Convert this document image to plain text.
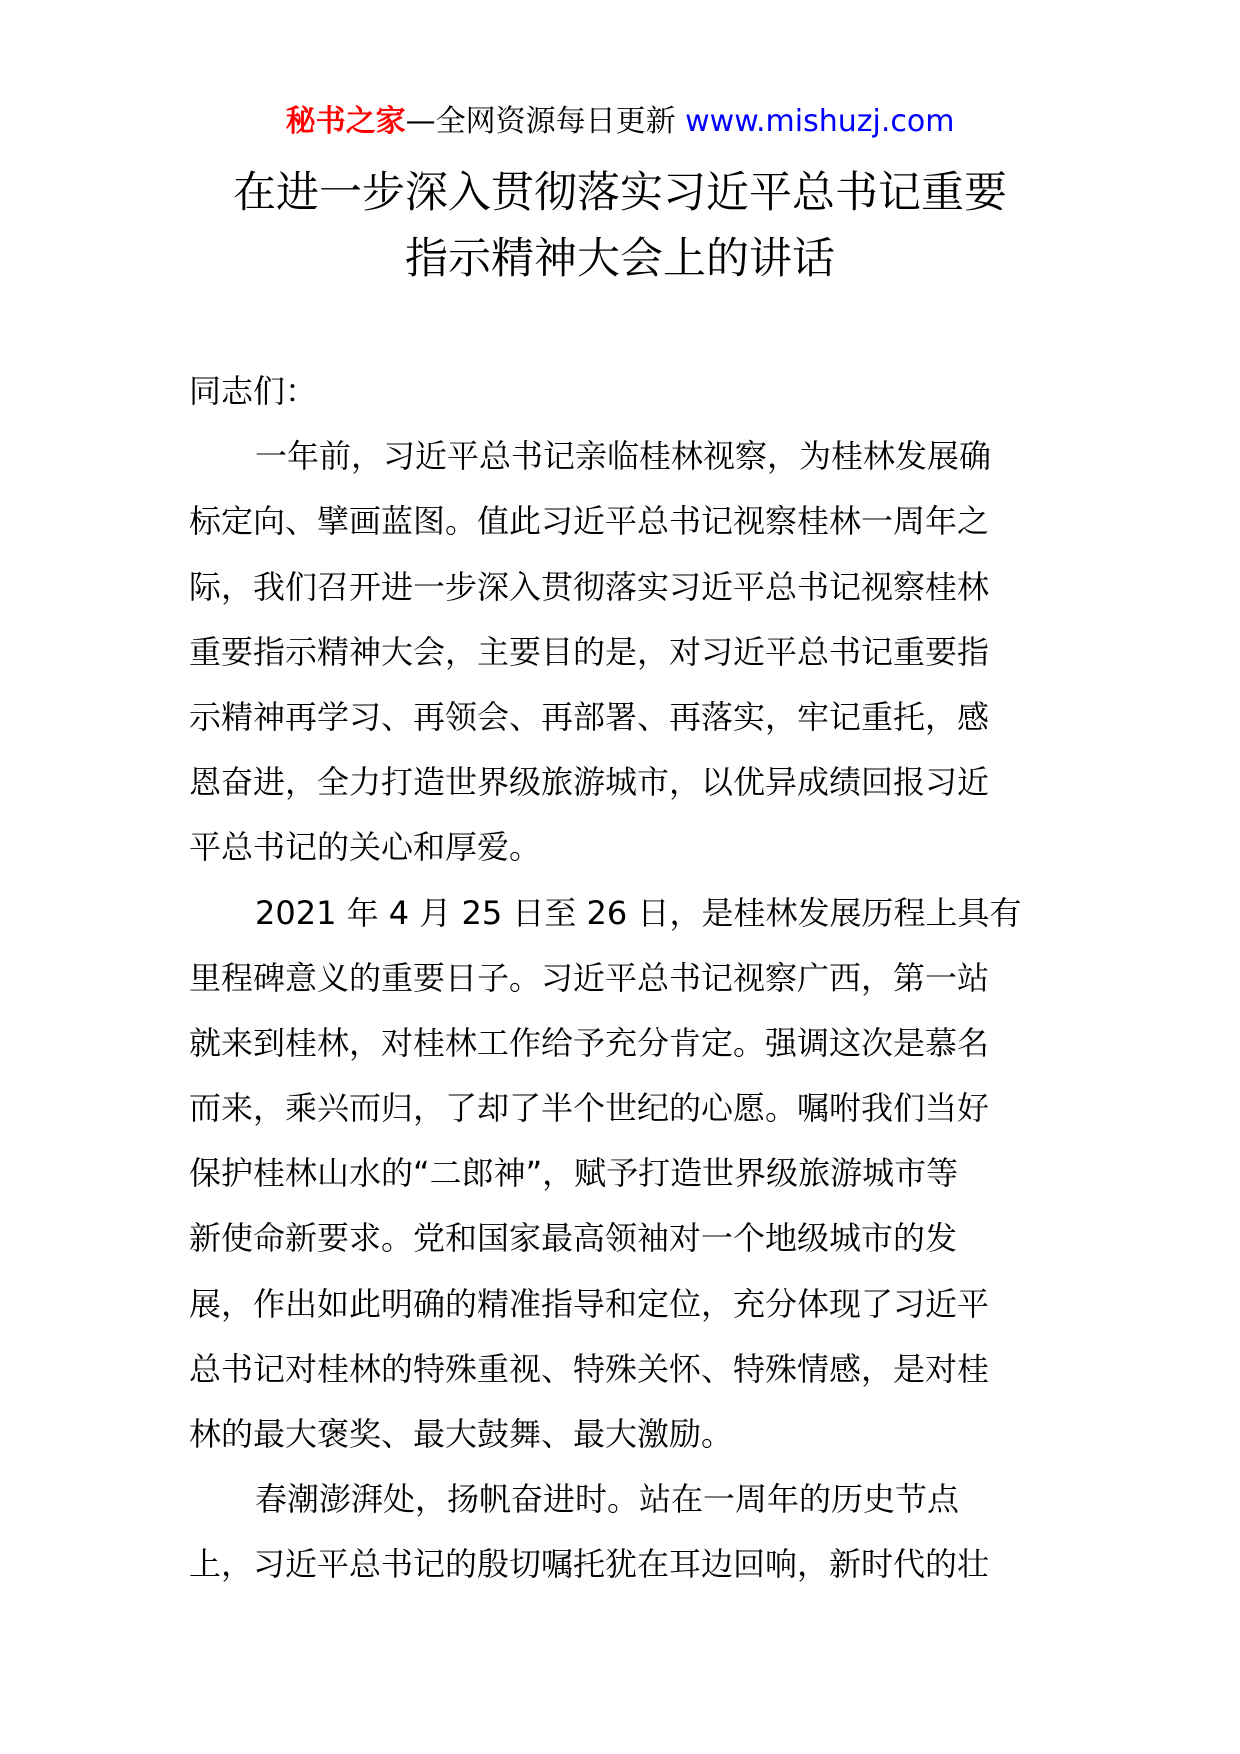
秘书之家—全网资源每日更新 www.mishuzj.com
在进一步深入贯彻落实习近平总书记重要
指示精神大会上的讲话
同志们：
一年前，习近平总书记亲临桂林视察，为桂林发展确
标定向、擘画蓝图。值此习近平总书记视察桂林一周年之
际，我们召开进一步深入贯彻落实习近平总书记视察桂林
重要指示精神大会，主要目的是，对习近平总书记重要指
示精神再学习、再领会、再部署、再落实，牢记重托，感
恩奋进，全力打造世界级旅游城市，以优异成绩回报习近
平总书记的关心和厚爱。
2021 年 4 月 25 日至 26 日，是桂林发展历程上具有
里程碑意义的重要日子。习近平总书记视察广西，第一站
就来到桂林，对桂林工作给予充分肯定。强调这次是慕名
而来，乘兴而归，了却了半个世纪的心愿。嘱咐我们当好
保护桂林山水的“二郎神”，赋予打造世界级旅游城市等
新使命新要求。党和国家最高领袖对一个地级城市的发
展，作出如此明确的精准指导和定位，充分体现了习近平
总书记对桂林的特殊重视、特殊关怀、特殊情感，是对桂
林的最大褒奖、最大鼓舞、最大激励。
春潮澎湃处，扬帆奋进时。站在一周年的历史节点
上，习近平总书记的殷切嘱托犹在耳边回响，新时代的壮
